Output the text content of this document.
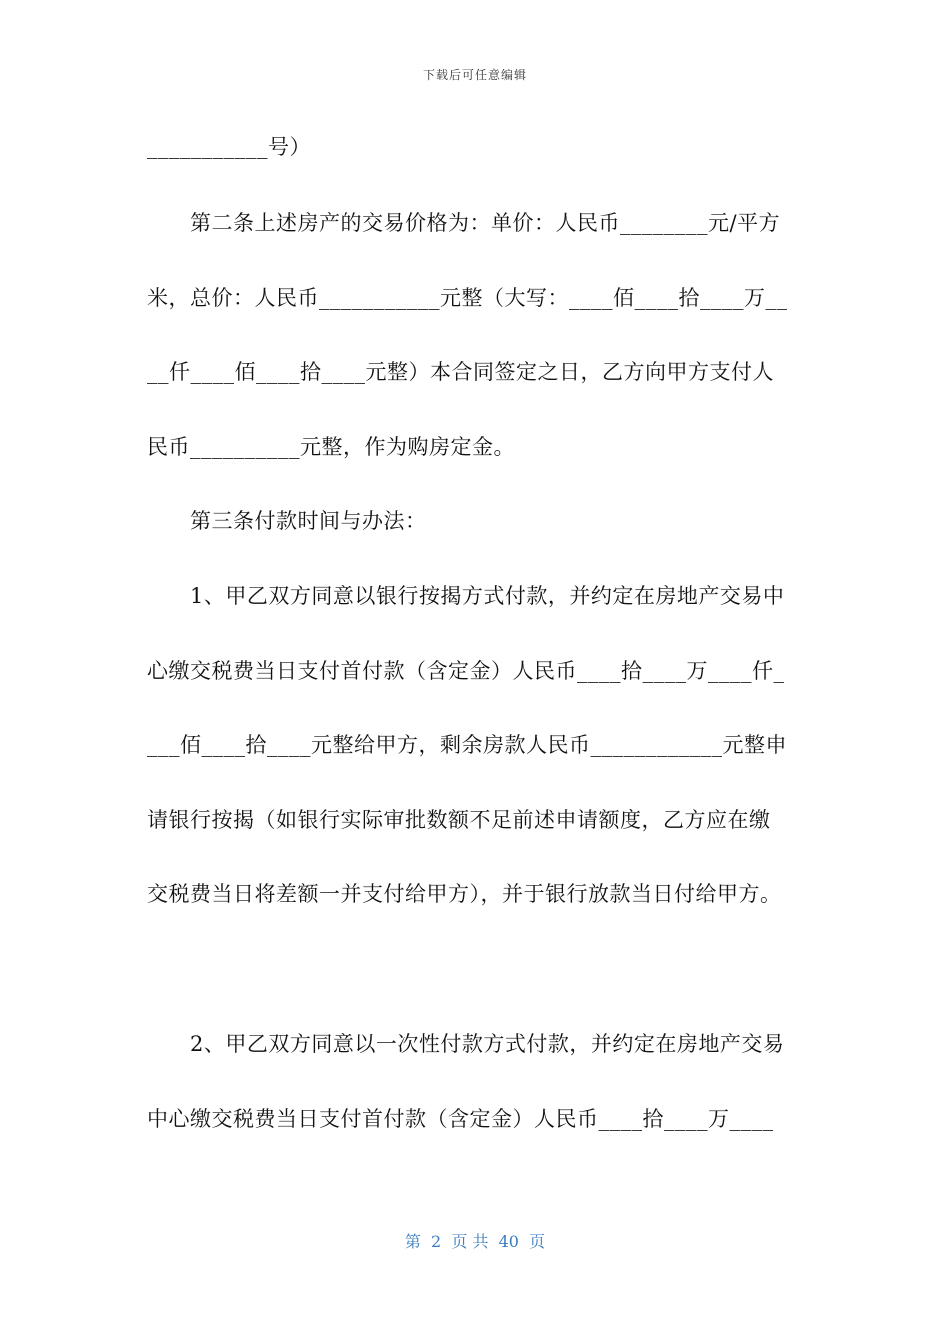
下载后可任意编辑
___________号）
第二条上述房产的交易价格为：单价：人民币________元/平方
米，总价：人民币___________元整（大写：____佰____拾____万__
__仟____佰____拾____元整）本合同签定之日，乙方向甲方支付人
民币__________元整，作为购房定金。
第三条付款时间与办法：
1、甲乙双方同意以银行按揭方式付款，并约定在房地产交易中
心缴交税费当日支付首付款（含定金）人民币____拾____万____仟_
___佰____拾____元整给甲方，剩余房款人民币____________元整申
请银行按揭（如银行实际审批数额不足前述申请额度，乙方应在缴
交税费当日将差额一并支付给甲方），并于银行放款当日付给甲方。
2、甲乙双方同意以一次性付款方式付款，并约定在房地产交易
中心缴交税费当日支付首付款（含定金）人民币____拾____万____
第  2  页 共  40  页
